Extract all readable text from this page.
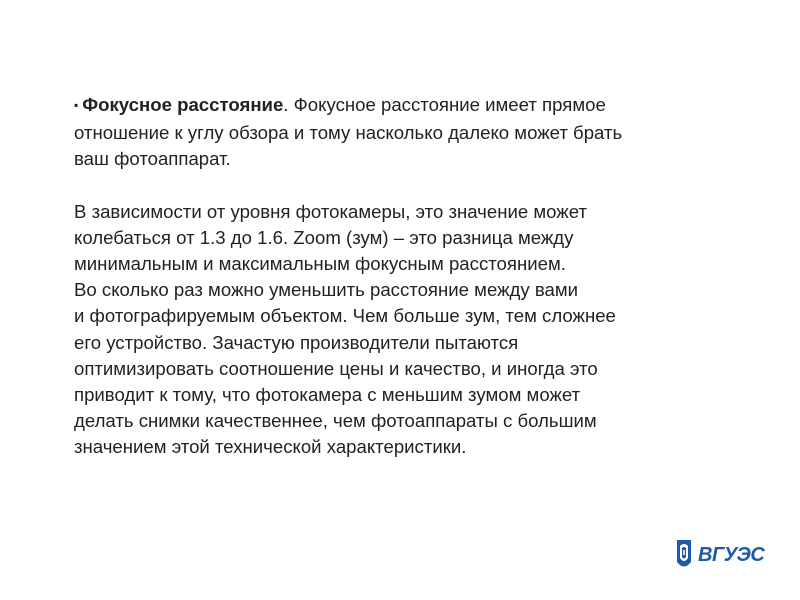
▪ Фокусное расстояние. Фокусное расстояние имеет прямое
отношение к углу обзора и тому насколько далеко может брать
ваш фотоаппарат.

В зависимости от уровня фотокамеры, это значение может
колебаться от 1.3 до 1.6. Zoom (зум) – это разница между
минимальным и максимальным фокусным расстоянием.
Во сколько раз можно уменьшить расстояние между вами
и фотографируемым объектом. Чем больше зум, тем сложнее
его устройство. Зачастую производители пытаются
оптимизировать соотношение цены и качество, и иногда это
приводит к тому, что фотокамера с меньшим зумом может
делать снимки качественнее, чем фотоаппараты с большим
значением этой технической характеристики.

ВГУЭС
